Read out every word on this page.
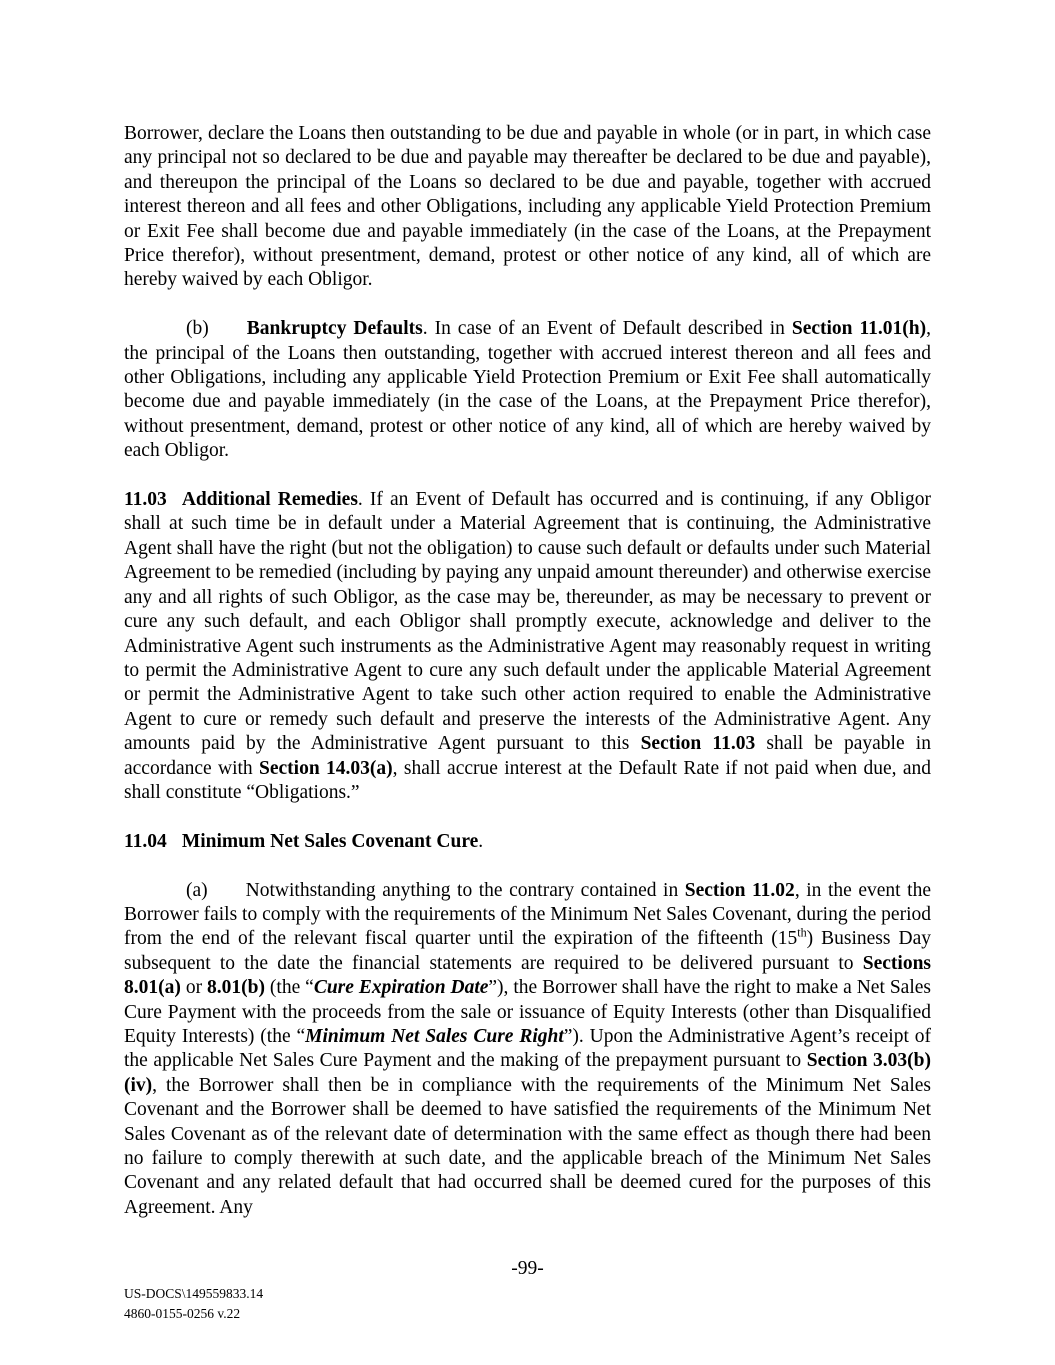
Borrower, declare the Loans then outstanding to be due and payable in whole (or in part, in which case any principal not so declared to be due and payable may thereafter be declared to be due and payable), and thereupon the principal of the Loans so declared to be due and payable, together with accrued interest thereon and all fees and other Obligations, including any applicable Yield Protection Premium or Exit Fee shall become due and payable immediately (in the case of the Loans, at the Prepayment Price therefor), without presentment, demand, protest or other notice of any kind, all of which are hereby waived by each Obligor.

(b) Bankruptcy Defaults. In case of an Event of Default described in Section 11.01(h), the principal of the Loans then outstanding, together with accrued interest thereon and all fees and other Obligations, including any applicable Yield Protection Premium or Exit Fee shall automatically become due and payable immediately (in the case of the Loans, at the Prepayment Price therefor), without presentment, demand, protest or other notice of any kind, all of which are hereby waived by each Obligor.

11.03 Additional Remedies. If an Event of Default has occurred and is continuing, if any Obligor shall at such time be in default under a Material Agreement that is continuing, the Administrative Agent shall have the right (but not the obligation) to cause such default or defaults under such Material Agreement to be remedied (including by paying any unpaid amount thereunder) and otherwise exercise any and all rights of such Obligor, as the case may be, thereunder, as may be necessary to prevent or cure any such default, and each Obligor shall promptly execute, acknowledge and deliver to the Administrative Agent such instruments as the Administrative Agent may reasonably request in writing to permit the Administrative Agent to cure any such default under the applicable Material Agreement or permit the Administrative Agent to take such other action required to enable the Administrative Agent to cure or remedy such default and preserve the interests of the Administrative Agent. Any amounts paid by the Administrative Agent pursuant to this Section 11.03 shall be payable in accordance with Section 14.03(a), shall accrue interest at the Default Rate if not paid when due, and shall constitute “Obligations.”

11.04 Minimum Net Sales Covenant Cure.

(a) Notwithstanding anything to the contrary contained in Section 11.02, in the event the Borrower fails to comply with the requirements of the Minimum Net Sales Covenant, during the period from the end of the relevant fiscal quarter until the expiration of the fifteenth (15th) Business Day subsequent to the date the financial statements are required to be delivered pursuant to Sections 8.01(a) or 8.01(b) (the “Cure Expiration Date”), the Borrower shall have the right to make a Net Sales Cure Payment with the proceeds from the sale or issuance of Equity Interests (other than Disqualified Equity Interests) (the “Minimum Net Sales Cure Right”). Upon the Administrative Agent’s receipt of the applicable Net Sales Cure Payment and the making of the prepayment pursuant to Section 3.03(b)(iv), the Borrower shall then be in compliance with the requirements of the Minimum Net Sales Covenant and the Borrower shall be deemed to have satisfied the requirements of the Minimum Net Sales Covenant as of the relevant date of determination with the same effect as though there had been no failure to comply therewith at such date, and the applicable breach of the Minimum Net Sales Covenant and any related default that had occurred shall be deemed cured for the purposes of this Agreement. Any

-99-
US-DOCS\149559833.14
4860-0155-0256 v.22
